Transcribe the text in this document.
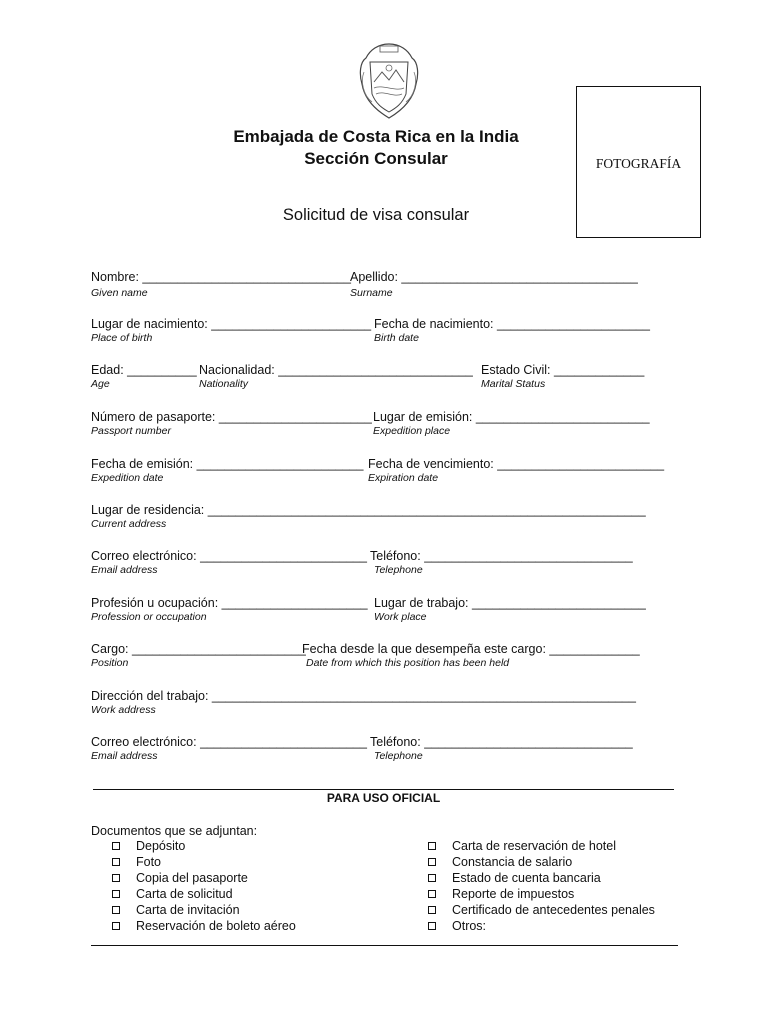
Embajada de Costa Rica en la India
Sección Consular
Solicitud de visa consular
FOTOGRAFÍA
Nombre: ______________________________
Given name
Apellido: __________________________________
Surname
Lugar de nacimiento: _______________________
Place of birth
Fecha de nacimiento: ______________________
Birth date
Edad: __________
Age
Nacionalidad: ____________________________
Nationality
Estado Civil: _____________
Marital Status
Número de pasaporte: ______________________
Passport number
Lugar de emisión: _________________________
Expedition place
Fecha de emisión: ________________________
Expedition date
Fecha de vencimiento: ________________________
Expiration date
Lugar de residencia: _______________________________________________________________
Current address
Correo electrónico: ________________________
Email address
Teléfono: ______________________________
Telephone
Profesión u ocupación: _____________________
Profession or occupation
Lugar de trabajo: _________________________
Work place
Cargo: _________________________
Position
Fecha desde la que desempeña este cargo: _____________
Date from which this position has been held
Dirección del trabajo: _____________________________________________________________
Work address
Correo electrónico: ________________________
Email address
Teléfono: ______________________________
Telephone
PARA USO OFICIAL
Documentos que se adjuntan:
Depósito
Foto
Copia del pasaporte
Carta de solicitud
Carta de invitación
Reservación de boleto aéreo
Carta de reservación de hotel
Constancia de salario
Estado de cuenta bancaria
Reporte de impuestos
Certificado de antecedentes penales
Otros:
